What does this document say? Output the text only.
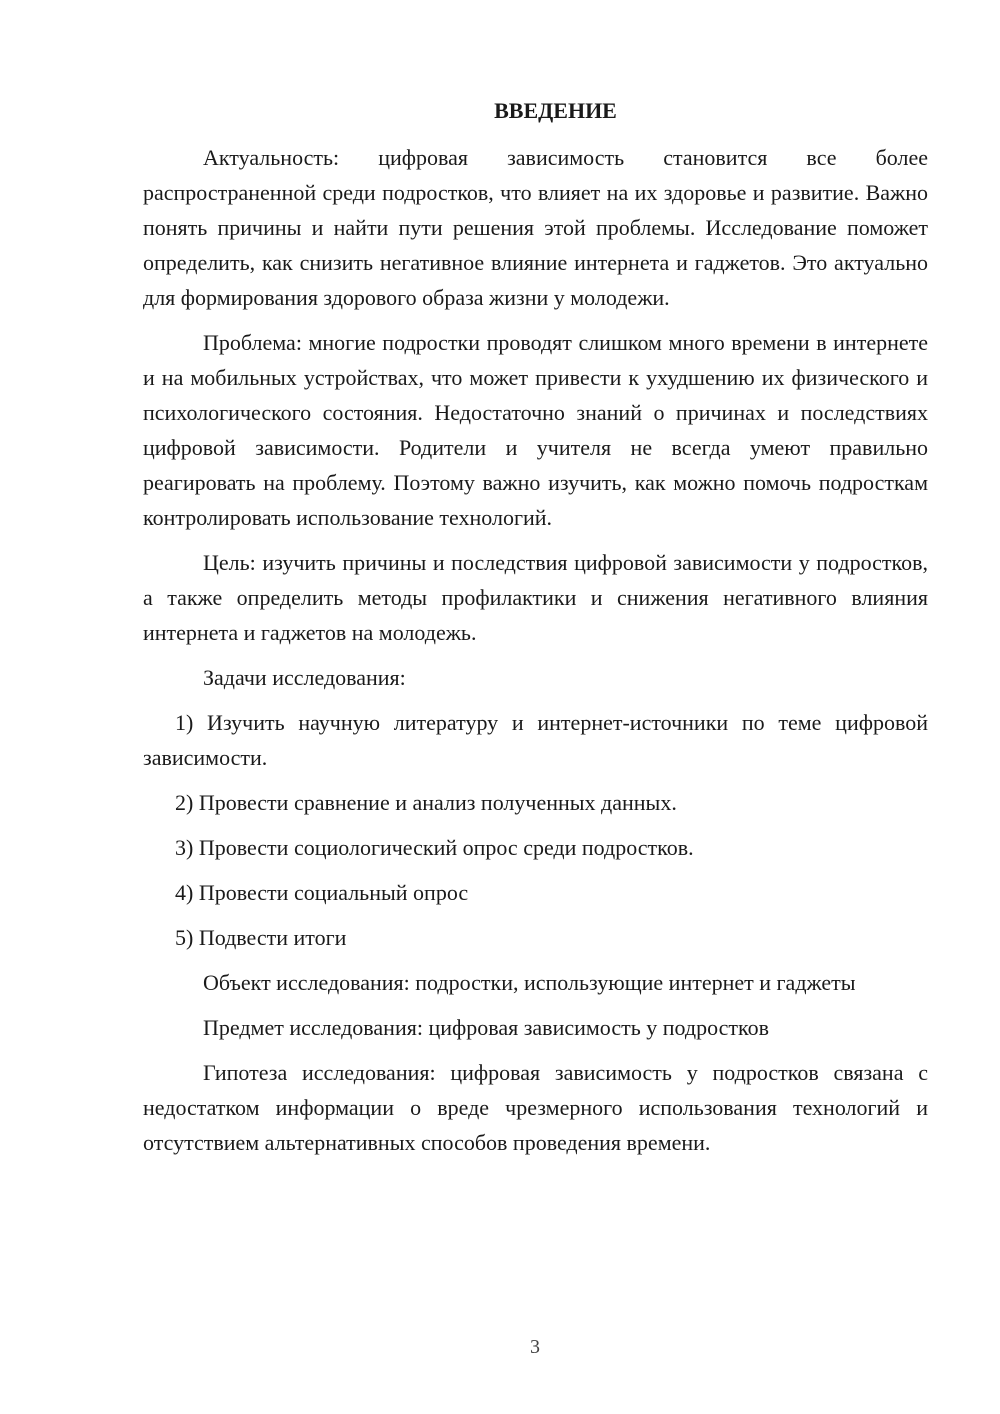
ВВЕДЕНИЕ

Актуальность: цифровая зависимость становится все более распространенной среди подростков, что влияет на их здоровье и развитие. Важно понять причины и найти пути решения этой проблемы. Исследование поможет определить, как снизить негативное влияние интернета и гаджетов. Это актуально для формирования здорового образа жизни у молодежи.

Проблема: многие подростки проводят слишком много времени в интернете и на мобильных устройствах, что может привести к ухудшению их физического и психологического состояния. Недостаточно знаний о причинах и последствиях цифровой зависимости. Родители и учителя не всегда умеют правильно реагировать на проблему. Поэтому важно изучить, как можно помочь подросткам контролировать использование технологий.

Цель: изучить причины и последствия цифровой зависимости у подростков, а также определить методы профилактики и снижения негативного влияния интернета и гаджетов на молодежь.

Задачи исследования:

1) Изучить научную литературу и интернет-источники по теме цифровой зависимости.

2) Провести сравнение и анализ полученных данных.

3) Провести социологический опрос среди подростков.

4) Провести социальный опрос

5) Подвести итоги

Объект исследования: подростки, использующие интернет и гаджеты

Предмет исследования: цифровая зависимость у подростков

Гипотеза исследования: цифровая зависимость у подростков связана с недостатком информации о вреде чрезмерного использования технологий и отсутствием альтернативных способов проведения времени.

3
